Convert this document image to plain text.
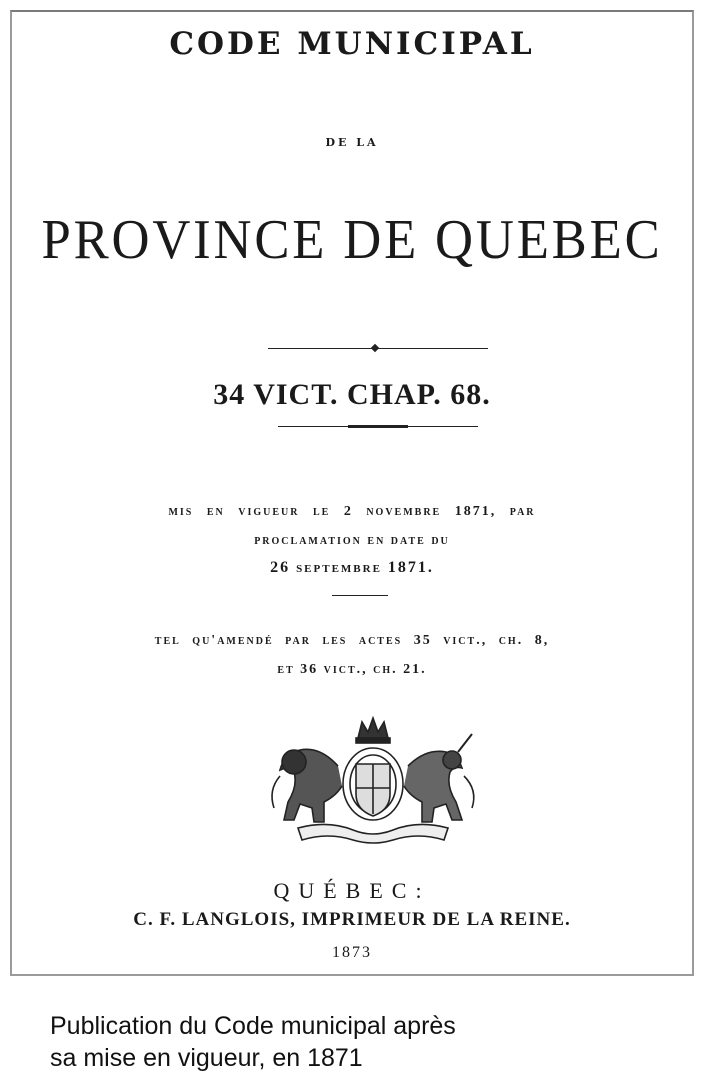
CODE MUNICIPAL
DE LA
PROVINCE DE QUEBEC
34 VICT. CHAP. 68.
mis en vigueur le 2 novembre 1871, par
proclamation en date du
26 septembre 1871.
tel qu'amendé par les actes 35 vict., ch. 8,
et 36 vict., ch. 21.
QUÉBEC:
C. F. LANGLOIS, IMPRIMEUR DE LA REINE.
1873
Publication du Code municipal après
sa mise en vigueur, en 1871
